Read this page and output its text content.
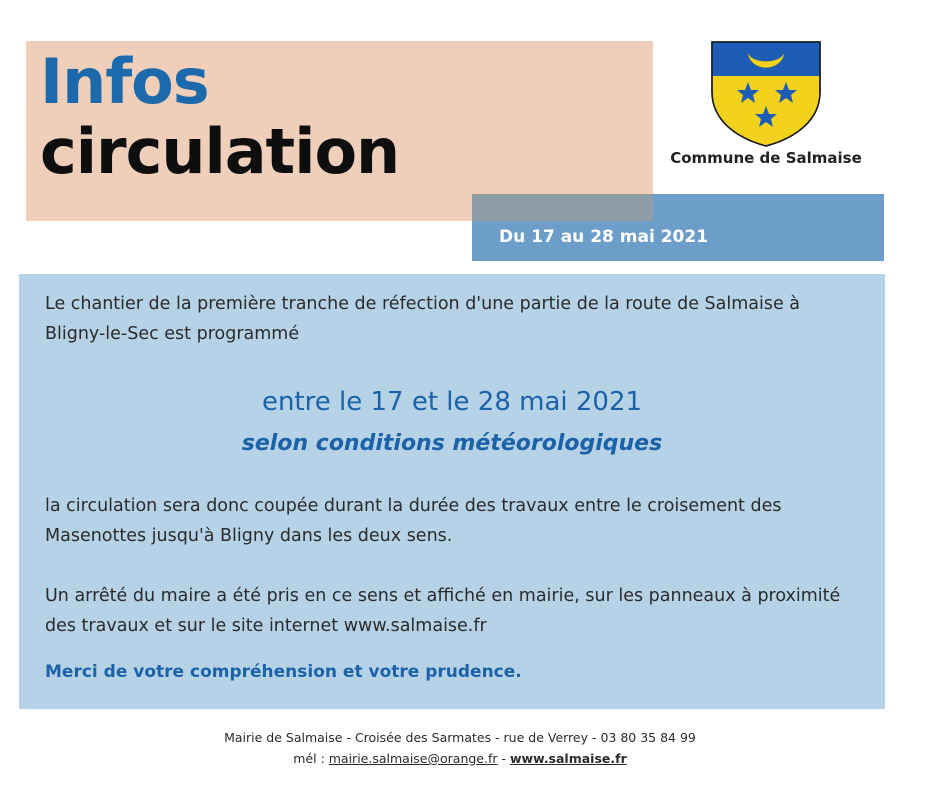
Infos
circulation	Commune de Salmaise
Du 17 au 28 mai 2021
Le chantier de la première tranche de réfection d'une partie de la route de Salmaise à Bligny-le-Sec est programmé
entre le 17 et le 28 mai 2021
selon conditions météorologiques
la circulation sera donc coupée durant la durée des travaux entre le croisement des Masenottes jusqu'à Bligny dans les deux sens.
Un arrêté du maire a été pris en ce sens et affiché en mairie, sur les panneaux à proximité des travaux et sur le site internet www.salmaise.fr
Merci de votre compréhension et votre prudence.
Mairie de Salmaise - Croisée des Sarmates - rue de Verrey - 03 80 35 84 99
mél : mairie.salmaise@orange.fr - www.salmaise.fr
